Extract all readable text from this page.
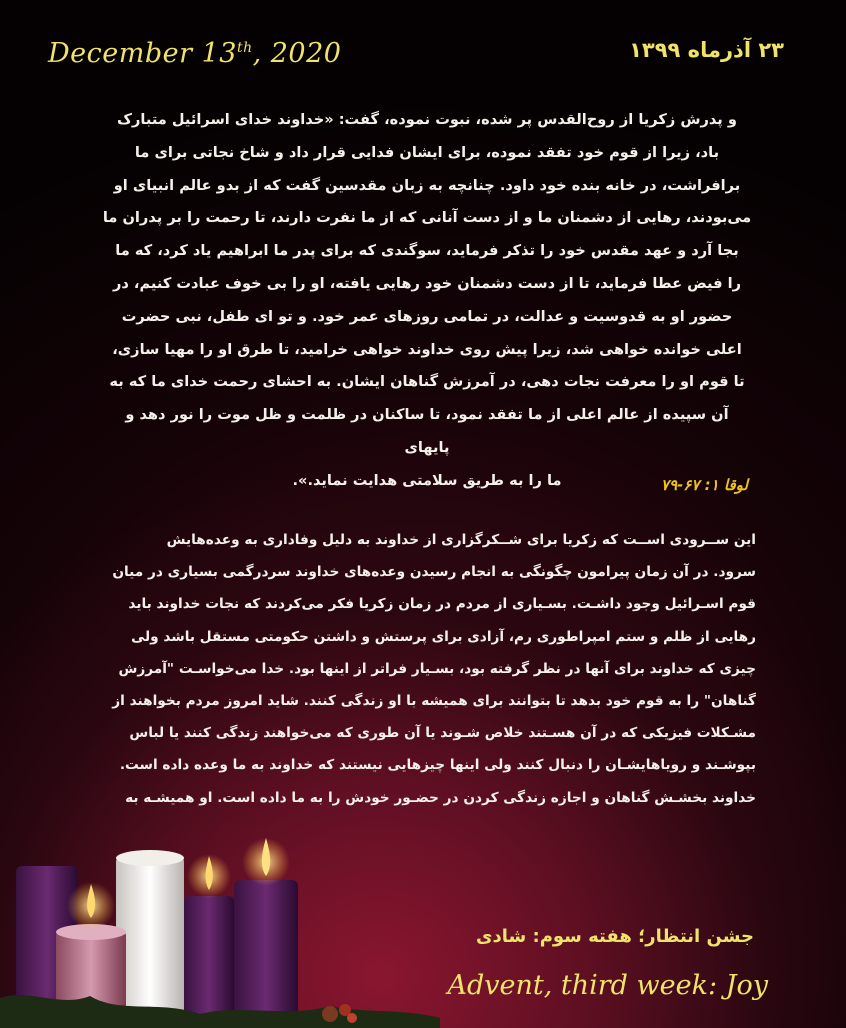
December 13th, 2020	۲۳ آذرماه ۱۳۹۹
و پدرش زکریا از روح‌القدس پر شده، نبوت نموده، گفت: «خداوند خدای اسرائیل متبارک
باد، زیرا از قوم خود تفقد نموده، برای ایشان فدایی قرار داد و شاخ نجاتی برای ما
برافراشت، در خانه بنده خود داود. چنانچه به زبان مقدسین گفت که از بدو عالم انبیای او
می‌بودند، رهایی از دشمنان ما و از دست آنانی که از ما نفرت دارند، تا رحمت را بر پدران ما
بجا آرد و عهد مقدس خود را تذکر فرماید، سوگندی که برای پدر ما ابراهیم یاد کرد، که ما
را فیض عطا فرماید، تا از دست دشمنان خود رهایی یافته، او را بی خوف عبادت کنیم، در
حضور او به قدوسیت و عدالت، در تمامی روزهای عمر خود. و تو ای طفل، نبی حضرت
اعلی خوانده خواهی شد، زیرا پیش روی خداوند خواهی خرامید، تا طرق او را مهیا سازی،
تا قوم او را معرفت نجات دهی، در آمرزش گناهان ایشان. به احشای رحمت خدای ما که به
آن سپیده از عالم اعلی از ما تفقد نمود، تا ساکنان در ظلمت و ظل موت را نور دهد و پایهای
ما را به طریق سلامتی هدایت نماید.».	لوقا ۱: ۶۷-۷۹
این ســرودی اســت که زکریا برای شــکرگزاری از خداوند به دلیل وفاداری به وعده‌هایش
سرود. در آن زمان پیرامون چگونگی به انجام رسیدن وعده‌های خداوند سردرگمی بسیاری در میان
قوم اسـرائیل وجود داشـت. بسـیاری از مردم در زمان زکریا فکر می‌کردند که نجات خداوند باید
رهایی از ظلم و ستم امپراطوری رم، آزادی برای پرستش و داشتن حکومتی مستقل باشد ولی
چیزی که خداوند برای آنها در نظر گرفته بود، بسـیار فراتر از اینها بود. خدا می‌خواسـت "آمرزش
گناهان" را به قوم خود بدهد تا بتوانند برای همیشه با او زندگی کنند. شاید امروز مردم بخواهند از
مشـکلات فیزیکی که در آن هسـتند خلاص شـوند یا آن طوری که می‌خواهند زندگی کنند یا لباس
بپوشـند و رویاهایشـان را دنبال کنند ولی اینها چیزهایی نیستند که خداوند به ما وعده داده است.
خداوند بخشـش گناهان و اجازه زندگی کردن در حضـور خودش را به ما داده است. او همیشـه به
جشن انتظار؛ هفته سوم: شادی
Advent, third week: Joy
